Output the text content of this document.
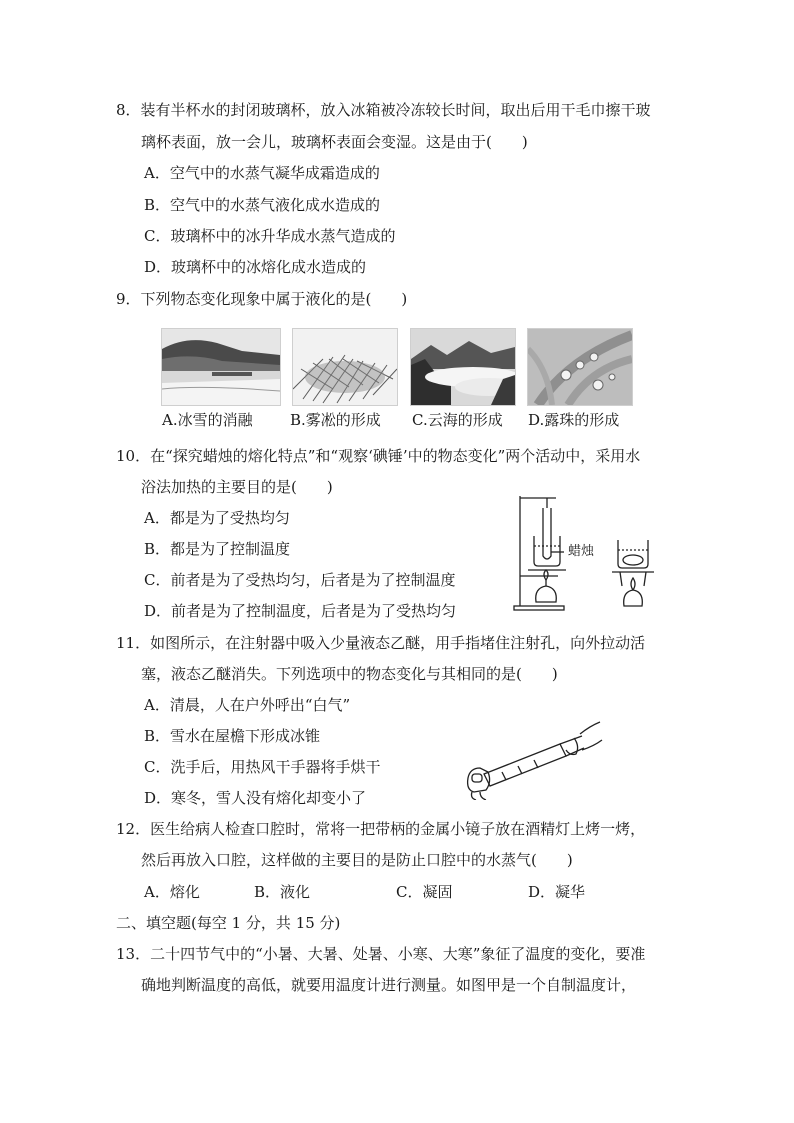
8．装有半杯水的封闭玻璃杯，放入冰箱被冷冻较长时间，取出后用干毛巾擦干玻
璃杯表面，放一会儿，玻璃杯表面会变湿。这是由于(　　)
A．空气中的水蒸气凝华成霜造成的
B．空气中的水蒸气液化成水造成的
C．玻璃杯中的冰升华成水蒸气造成的
D．玻璃杯中的冰熔化成水造成的
9．下列物态变化现象中属于液化的是(　　)
A.冰雪的消融 B.雾凇的形成 C.云海的形成 D.露珠的形成
10．在“探究蜡烛的熔化特点”和“观察‘碘锤’中的物态变化”两个活动中，采用水
浴法加热的主要目的是(　　)
A．都是为了受热均匀
B．都是为了控制温度
C．前者是为了受热均匀，后者是为了控制温度
D．前者是为了控制温度，后者是为了受热均匀
蜡烛
11．如图所示，在注射器中吸入少量液态乙醚，用手指堵住注射孔，向外拉动活
塞，液态乙醚消失。下列选项中的物态变化与其相同的是(　　)
A．清晨，人在户外呼出“白气”
B．雪水在屋檐下形成冰锥
C．洗手后，用热风干手器将手烘干
D．寒冬，雪人没有熔化却变小了
12．医生给病人检查口腔时，常将一把带柄的金属小镜子放在酒精灯上烤一烤，
然后再放入口腔，这样做的主要目的是防止口腔中的水蒸气(　　)
A．熔化	B．液化	C．凝固	D．凝华
二、填空题(每空 1 分，共 15 分)
13．二十四节气中的“小暑、大暑、处暑、小寒、大寒”象征了温度的变化，要准
确地判断温度的高低，就要用温度计进行测量。如图甲是一个自制温度计，
